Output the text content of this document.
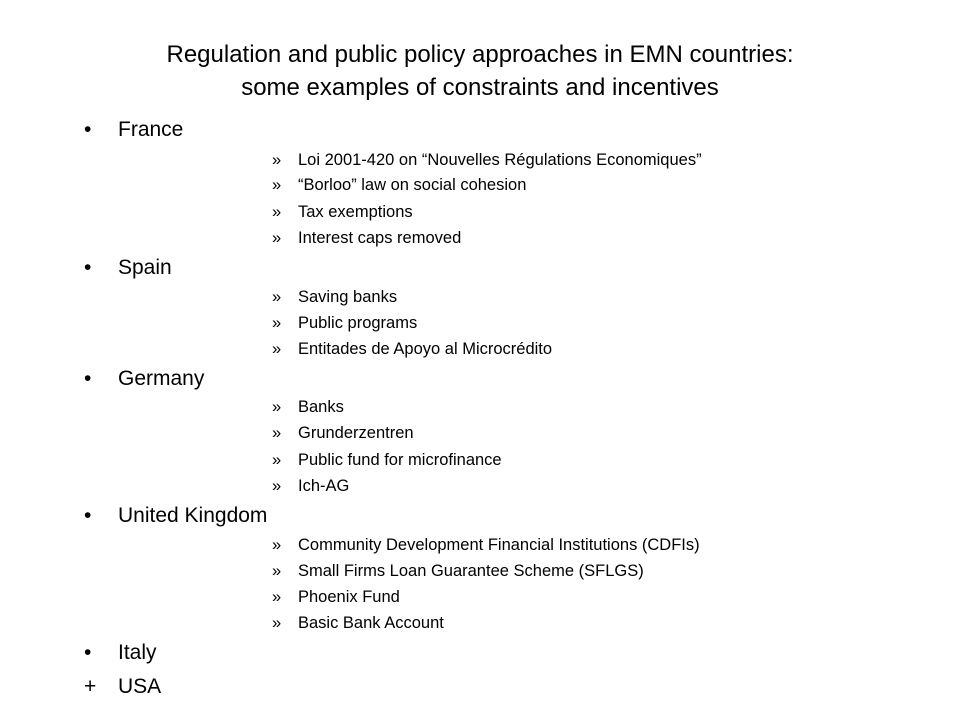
Regulation and public policy approaches in EMN countries:
some examples of constraints and incentives
• France
» Loi 2001-420 on “Nouvelles Régulations Economiques”
» “Borloo” law on social cohesion
» Tax exemptions
» Interest caps removed
• Spain
» Saving banks
» Public programs
» Entitades de Apoyo al Microcrédito
• Germany
» Banks
» Grunderzentren
» Public fund for microfinance
» Ich-AG
• United Kingdom
» Community Development Financial Institutions (CDFIs)
» Small Firms Loan Guarantee Scheme (SFLGS)
» Phoenix Fund
» Basic Bank Account
• Italy
+ USA
